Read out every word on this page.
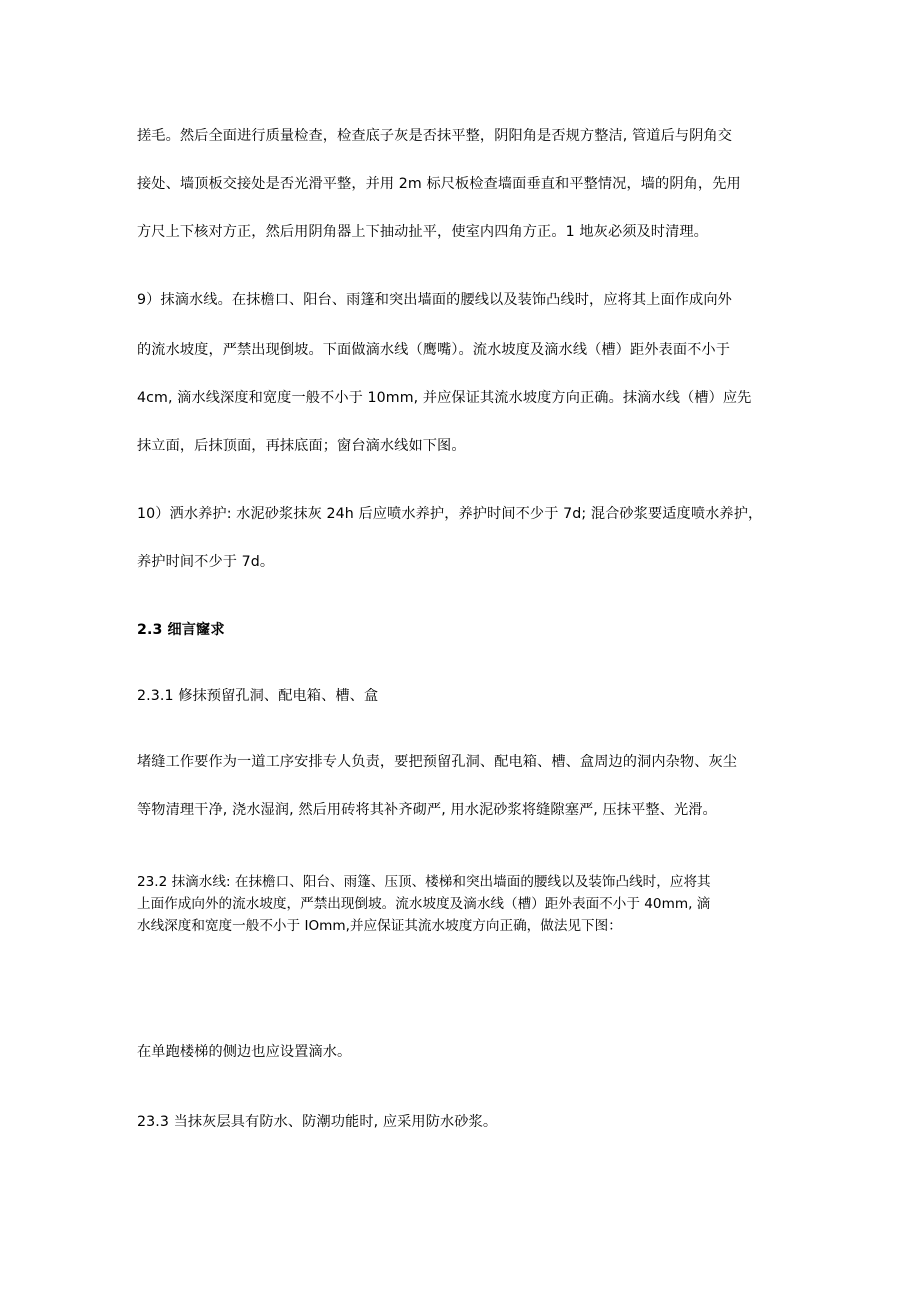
搓毛。然后全面进行质量检查，检查底子灰是否抹平整，阴阳角是否规方整洁, 管道后与阴角交
接处、墙顶板交接处是否光滑平整，并用 2m 标尺板检查墙面垂直和平整情况，墙的阴角，先用
方尺上下核对方正，然后用阴角器上下抽动扯平，使室内四角方正。1 地灰必须及时清理。
9）抹滴水线。在抹檐口、阳台、雨篷和突出墙面的腰线以及装饰凸线时，应将其上面作成向外
的流水坡度，严禁出现倒坡。下面做滴水线（鹰嘴）。流水坡度及滴水线（槽）距外表面不小于
4cm, 滴水线深度和宽度一般不小于 10mm, 并应保证其流水坡度方向正确。抹滴水线（槽）应先
抹立面，后抹顶面，再抹底面；窗台滴水线如下图。
10）洒水养护: 水泥砂浆抹灰 24h 后应喷水养护，养护时间不少于 7d; 混合砂浆要适度喷水养护，
养护时间不少于 7d。
2.3 细言窿求
2.3.1 修抹预留孔洞、配电箱、槽、盒
堵缝工作要作为一道工序安排专人负责，要把预留孔洞、配电箱、槽、盒周边的洞内杂物、灰尘
等物清理干净, 浇水湿润, 然后用砖将其补齐砌严, 用水泥砂浆将缝隙塞严, 压抹平整、光滑。
23.2 抹滴水线: 在抹檐口、阳台、雨篷、压顶、楼梯和突出墙面的腰线以及装饰凸线时，应将其
上面作成向外的流水坡度，严禁出现倒坡。流水坡度及滴水线（槽）距外表面不小于 40mm, 滴
水线深度和宽度一般不小于 IOmm,并应保证其流水坡度方向正确，做法见下图：
在单跑楼梯的侧边也应设置滴水。
23.3 当抹灰层具有防水、防潮功能时, 应采用防水砂浆。
